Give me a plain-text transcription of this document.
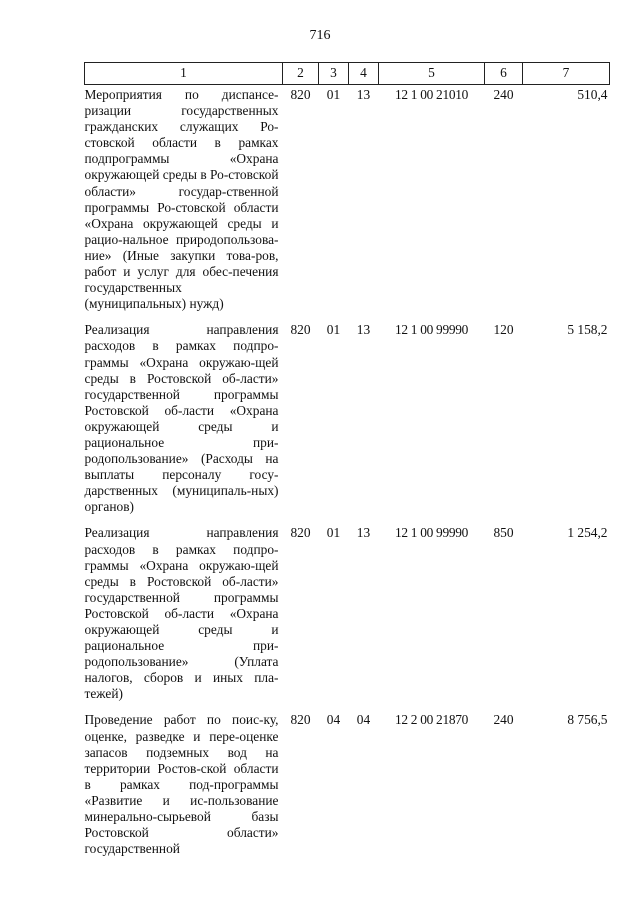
716
1	2	3	4	5	6	7
Мероприятия по диспансе-ризации государственных гражданских служащих Ро-стовской области в рамках подпрограммы «Охрана окружающей среды в Ро-стовской области» государ-ственной программы Ро-стовской области «Охрана окружающей среды и рацио-нальное природопользова-ние» (Иные закупки това-ров, работ и услуг для обес-печения государственных (муниципальных) нужд)	820	01	13	12 1 00 21010	240	510,4
Реализация направления расходов в рамках подпро-граммы «Охрана окружаю-щей среды в Ростовской об-ласти» государственной программы Ростовской об-ласти «Охрана окружающей среды и рациональное при-родопользование» (Расходы на выплаты персоналу госу-дарственных (муниципаль-ных) органов)	820	01	13	12 1 00 99990	120	5 158,2
Реализация направления расходов в рамках подпро-граммы «Охрана окружаю-щей среды в Ростовской об-ласти» государственной программы Ростовской об-ласти «Охрана окружающей среды и рациональное при-родопользование» (Уплата налогов, сборов и иных пла-тежей)	820	01	13	12 1 00 99990	850	1 254,2
Проведение работ по поис-ку, оценке, разведке и пере-оценке запасов подземных вод на территории Ростов-ской области в рамках под-программы «Развитие и ис-пользование минерально-сырьевой базы Ростовской области» государственной	820	04	04	12 2 00 21870	240	8 756,5
